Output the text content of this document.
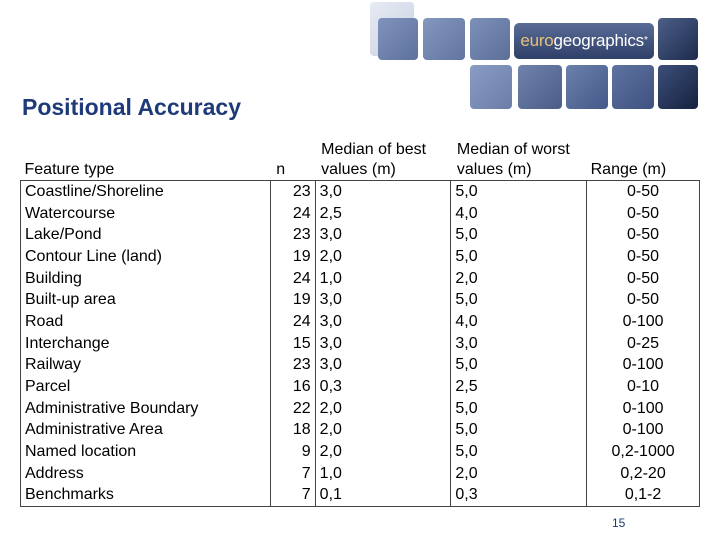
eurogeographics*
Positional Accuracy
Feature type	n	Median of best values (m)	Median of worst values (m)	Range (m)
Coastline/Shoreline	23	3,0	5,0	0-50
Watercourse	24	2,5	4,0	0-50
Lake/Pond	23	3,0	5,0	0-50
Contour Line (land)	19	2,0	5,0	0-50
Building	24	1,0	2,0	0-50
Built-up area	19	3,0	5,0	0-50
Road	24	3,0	4,0	0-100
Interchange	15	3,0	3,0	0-25
Railway	23	3,0	5,0	0-100
Parcel	16	0,3	2,5	0-10
Administrative Boundary	22	2,0	5,0	0-100
Administrative Area	18	2,0	5,0	0-100
Named location	9	2,0	5,0	0,2-1000
Address	7	1,0	2,0	0,2-20
Benchmarks	7	0,1	0,3	0,1-2
15
